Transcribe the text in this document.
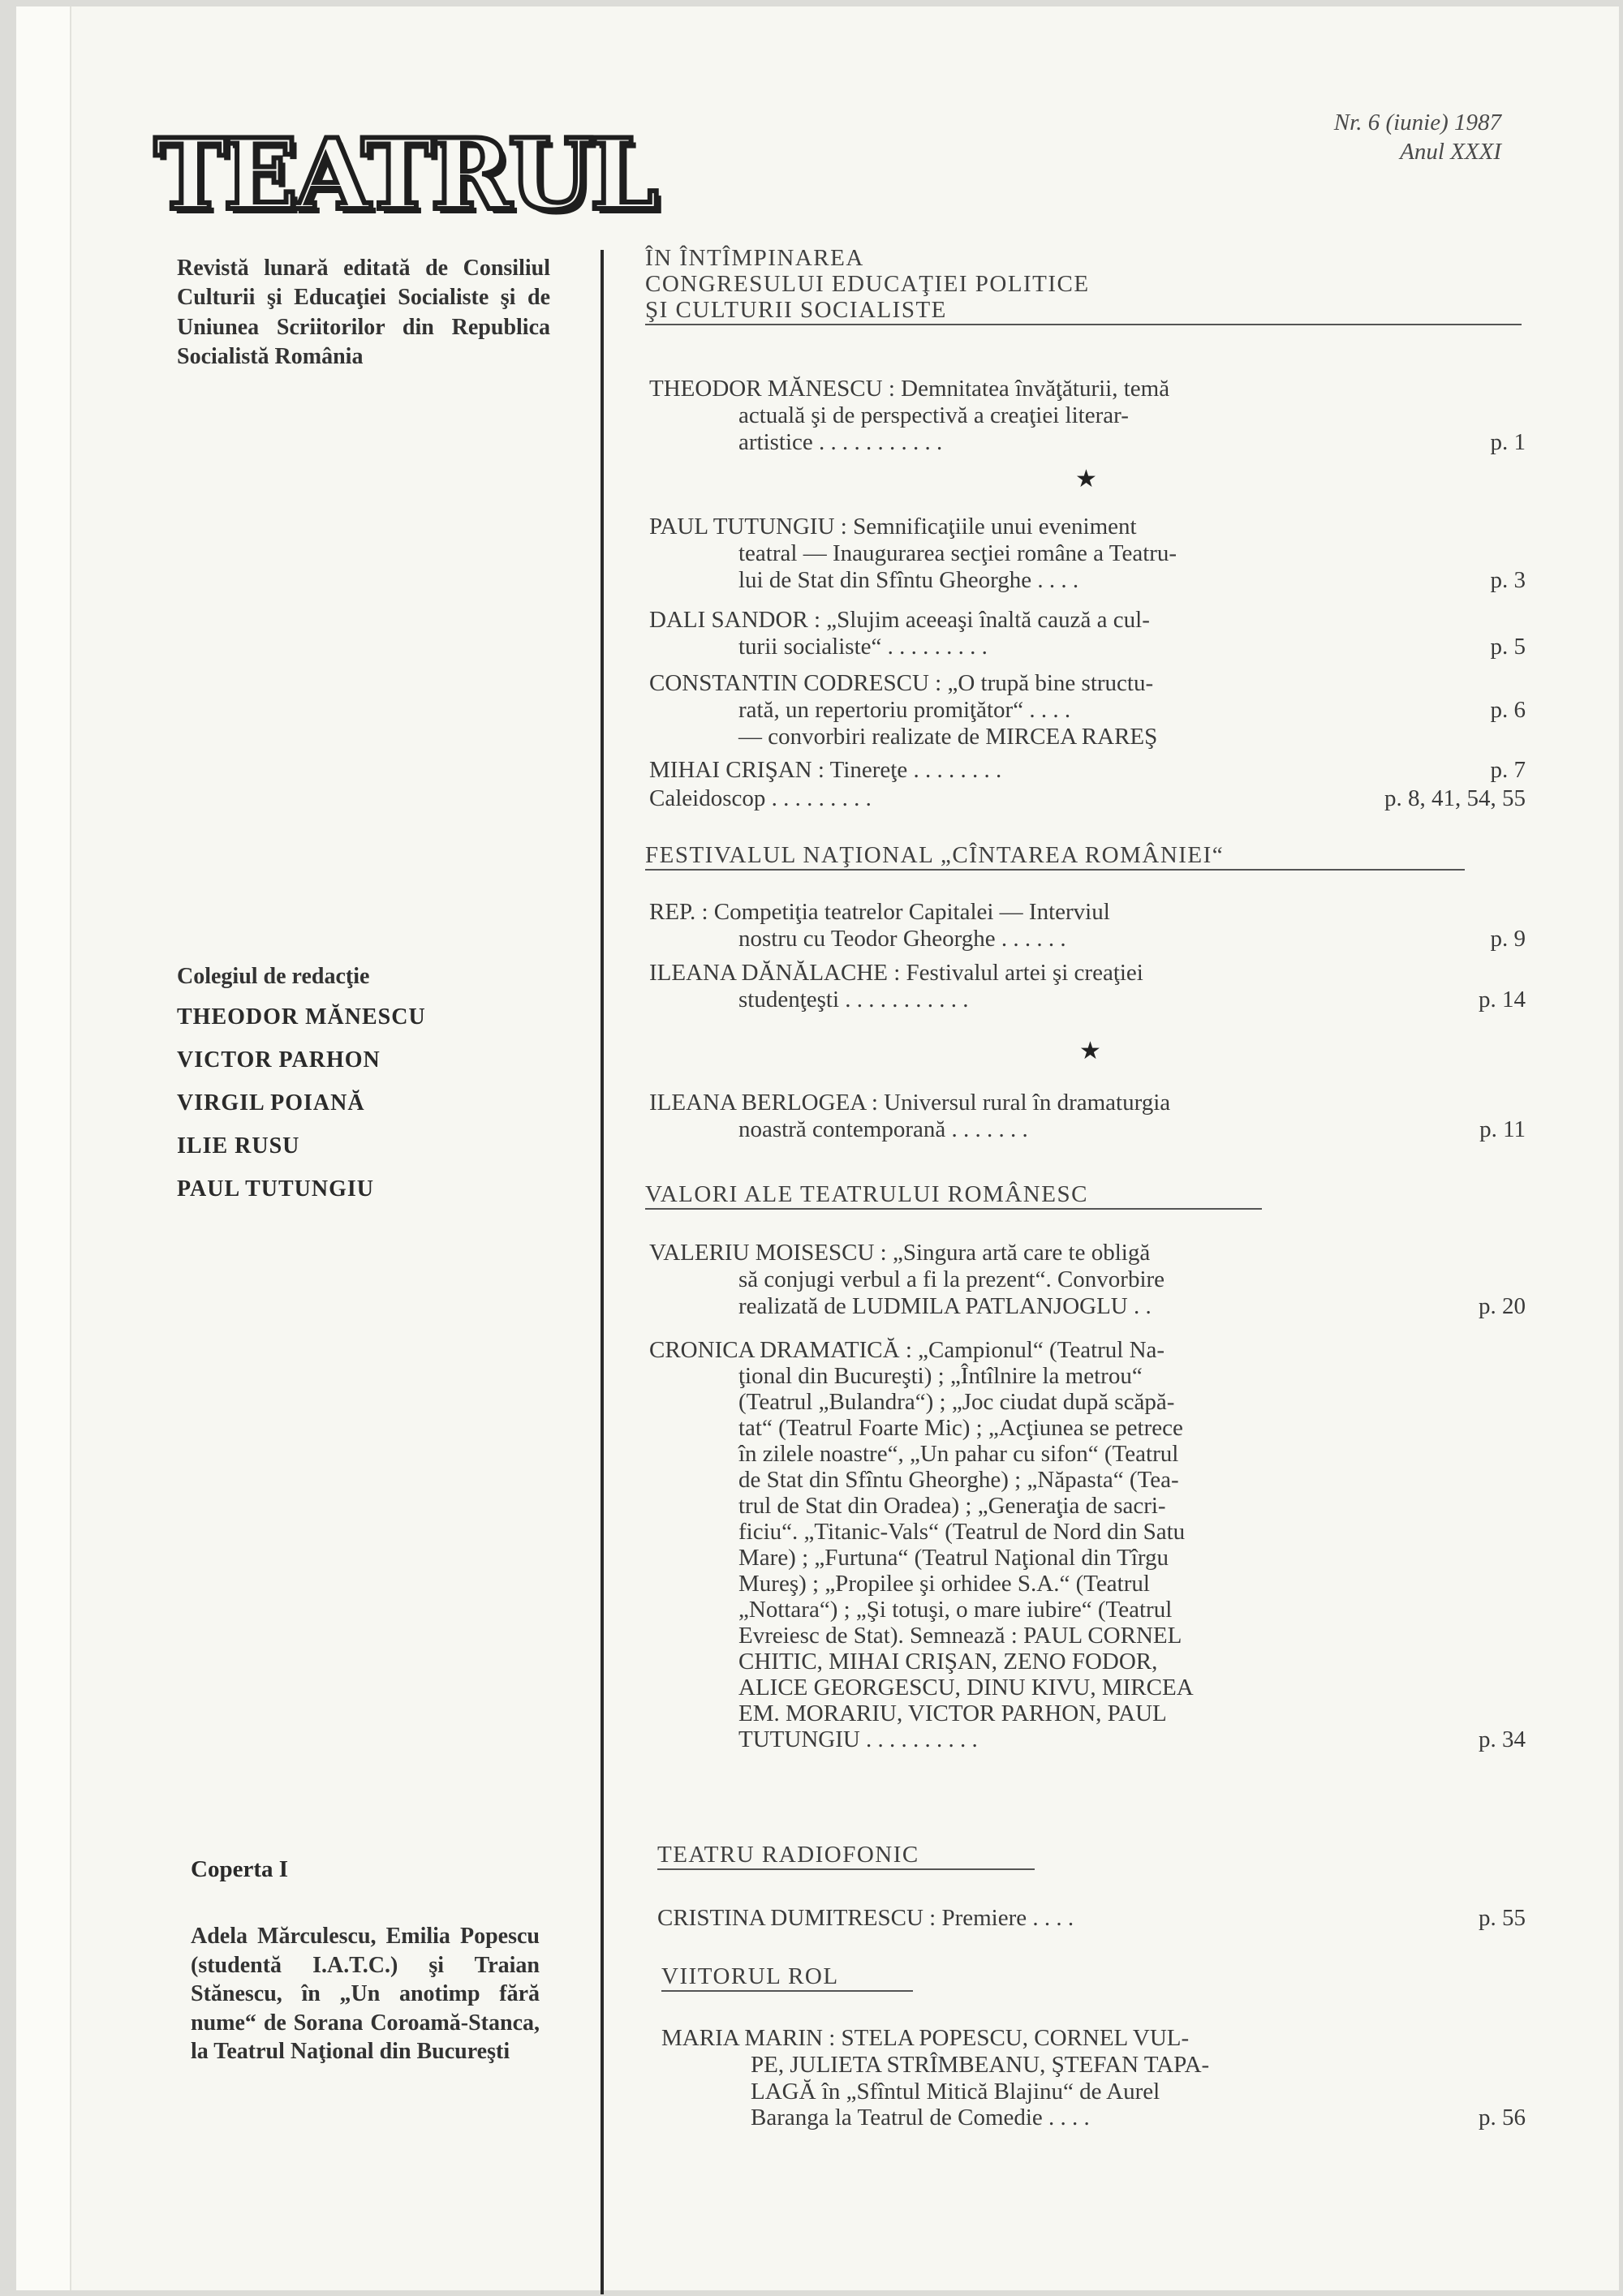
TEATRUL	Nr. 6 (iunie) 1987
Anul XXXI
Revistă lunară editată de Consiliul Culturii şi Educaţiei Socialiste şi de Uniunea Scriitorilor din Republica Socialistă România
Colegiul de redacţie
THEODOR MĂNESCU
VICTOR PARHON
VIRGIL POIANĂ
ILIE RUSU
PAUL TUTUNGIU
Coperta I
Adela Mărculescu, Emilia Popescu (studentă I.A.T.C.) şi Traian Stănescu, în „Un anotimp fără nume“ de Sorana Coroamă-Stanca, la Teatrul Naţional din Bucureşti
ÎN ÎNTÎMPINAREA
CONGRESULUI EDUCAŢIEI POLITICE
ŞI CULTURII SOCIALISTE
THEODOR MĂNESCU : Demnitatea învăţăturii, temă

actuală şi de perspectivă a creaţiei literar-
p. 1
artistice . . . . . . . . . . .
★
PAUL TUTUNGIU : Semnificaţiile unui eveniment

teatral — Inaugurarea secţiei române a Teatru-
p. 3
lui de Stat din Sfîntu Gheorghe . . . .
DALI SANDOR : „Slujim aceeaşi înaltă cauză a cul-

p. 5
turii socialiste“ . . . . . . . . .
CONSTANTIN CODRESCU : „O trupă bine structu-

p. 6
rată, un repertoriu promiţător“ . . . .
— convorbiri realizate de MIRCEA RAREŞ
p. 7
MIHAI CRIŞAN : Tinereţe . . . . . . . .
p. 8, 41, 54, 55
Caleidoscop . . . . . . . . .
FESTIVALUL NAŢIONAL „CÎNTAREA ROMÂNIEI“
REP. : Competiţia teatrelor Capitalei — Interviul

p. 9
nostru cu Teodor Gheorghe . . . . . .
ILEANA DĂNĂLACHE : Festivalul artei şi creaţiei

p. 14
studenţeşti . . . . . . . . . . .
★
ILEANA BERLOGEA : Universul rural în dramaturgia

p. 11
noastră contemporană . . . . . . .
VALORI ALE TEATRULUI ROMÂNESC
VALERIU MOISESCU : „Singura artă care te obligă

să conjugi verbul a fi la prezent“. Convorbire
p. 20
realizată de LUDMILA PATLANJOGLU . .
CRONICA DRAMATICĂ : „Campionul“ (Teatrul Na-

ţional din Bucureşti) ; „Întîlnire la metrou“
(Teatrul „Bulandra“) ; „Joc ciudat după scăpă-
tat“ (Teatrul Foarte Mic) ; „Acţiunea se petrece
în zilele noastre“, „Un pahar cu sifon“ (Teatrul
de Stat din Sfîntu Gheorghe) ; „Năpasta“ (Tea-
trul de Stat din Oradea) ; „Generaţia de sacri-
ficiu“. „Titanic-Vals“ (Teatrul de Nord din Satu
Mare) ; „Furtuna“ (Teatrul Naţional din Tîrgu
Mureş) ; „Propilee şi orhidee S.A.“ (Teatrul
„Nottara“) ; „Şi totuşi, o mare iubire“ (Teatrul
Evreiesc de Stat). Semnează : PAUL CORNEL
CHITIC, MIHAI CRIŞAN, ZENO FODOR,
ALICE GEORGESCU, DINU KIVU, MIRCEA
EM. MORARIU, VICTOR PARHON, PAUL
p. 34
TUTUNGIU . . . . . . . . . .
TEATRU RADIOFONIC
p. 55
CRISTINA DUMITRESCU : Premiere . . . .
VIITORUL ROL
MARIA MARIN : STELA POPESCU, CORNEL VUL-

PE, JULIETA STRÎMBEANU, ŞTEFAN TAPA-
LAGĂ în „Sfîntul Mitică Blajinu“ de Aurel
p. 56
Baranga la Teatrul de Comedie . . . .
